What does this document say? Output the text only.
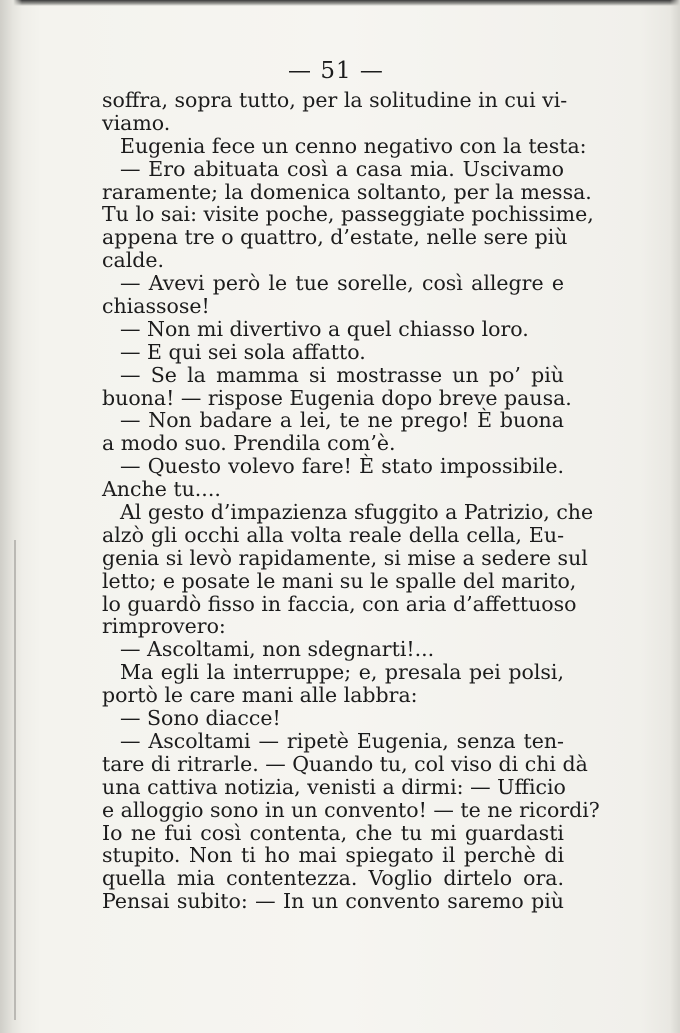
— 51 —
soffra, sopra tutto, per la solitudine in cui vi-
viamo.
Eugenia fece un cenno negativo con la testa:
— Ero abituata così a casa mia. Uscivamo
raramente; la domenica soltanto, per la messa.
Tu lo sai: visite poche, passeggiate pochissime,
appena tre o quattro, d’estate, nelle sere più
calde.
— Avevi però le tue sorelle, così allegre e
chiassose!
— Non mi divertivo a quel chiasso loro.
— E qui sei sola affatto.
— Se la mamma si mostrasse un po’ più
buona! — rispose Eugenia dopo breve pausa.
— Non badare a lei, te ne prego! È buona
a modo suo. Prendila com’è.
— Questo volevo fare! È stato impossibile.
Anche tu....
Al gesto d’impazienza sfuggito a Patrizio, che
alzò gli occhi alla volta reale della cella, Eu-
genia si levò rapidamente, si mise a sedere sul
letto; e posate le mani su le spalle del marito,
lo guardò fisso in faccia, con aria d’affettuoso
rimprovero:
— Ascoltami, non sdegnarti!...
Ma egli la interruppe; e, presala pei polsi,
portò le care mani alle labbra:
— Sono diacce!
— Ascoltami — ripetè Eugenia, senza ten-
tare di ritrarle. — Quando tu, col viso di chi dà
una cattiva notizia, venisti a dirmi: — Ufficio
e alloggio sono in un convento! — te ne ricordi?
Io ne fui così contenta, che tu mi guardasti
stupito. Non ti ho mai spiegato il perchè di
quella mia contentezza. Voglio dirtelo ora.
Pensai subito: — In un convento saremo più
